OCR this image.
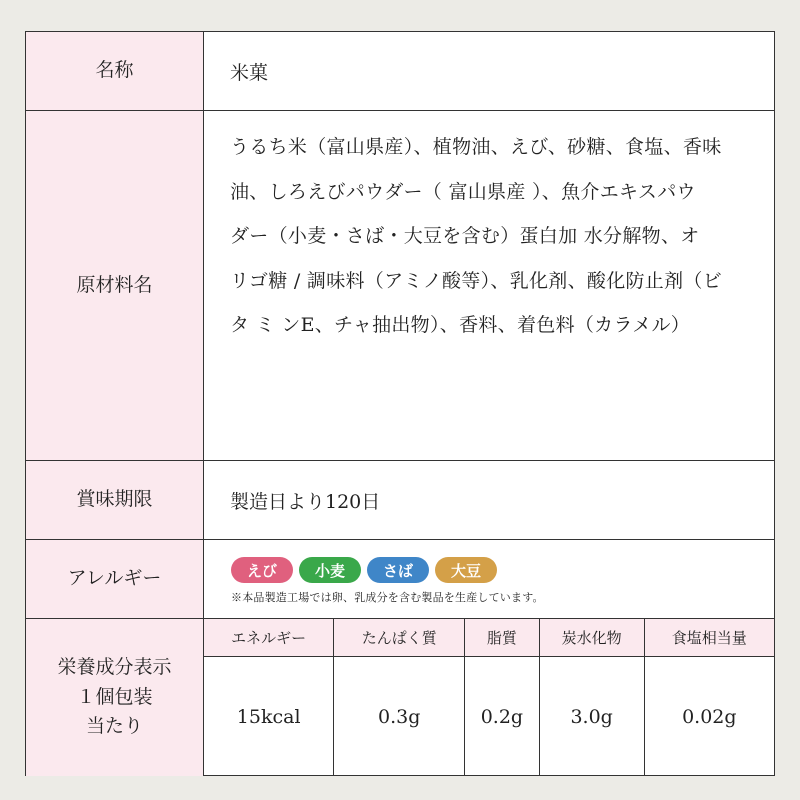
名称	米菓
原材料名
うるち米（富山県産）、植物油、えび、砂糖、食塩、香味
油、しろえびパウダー（ 富山県産 ）、魚介エキスパウ
ダー（小麦・さば・大豆を含む）蛋白加 水分解物、オ
リゴ糖 / 調味料（アミノ酸等）、乳化剤、酸化防止剤（ビ
タ ミ ンE、チャ抽出物）、香料、着色料（カラメル）
賞味期限	製造日より120日
アレルギー	えび	小麦	さば	大豆
※本品製造工場では卵、乳成分を含む製品を生産しています。
栄養成分表示
１個包装
当たり
エネルギー	たんぱく質	脂質	炭水化物	食塩相当量
15kcal	0.3g	0.2g	3.0g	0.02g
